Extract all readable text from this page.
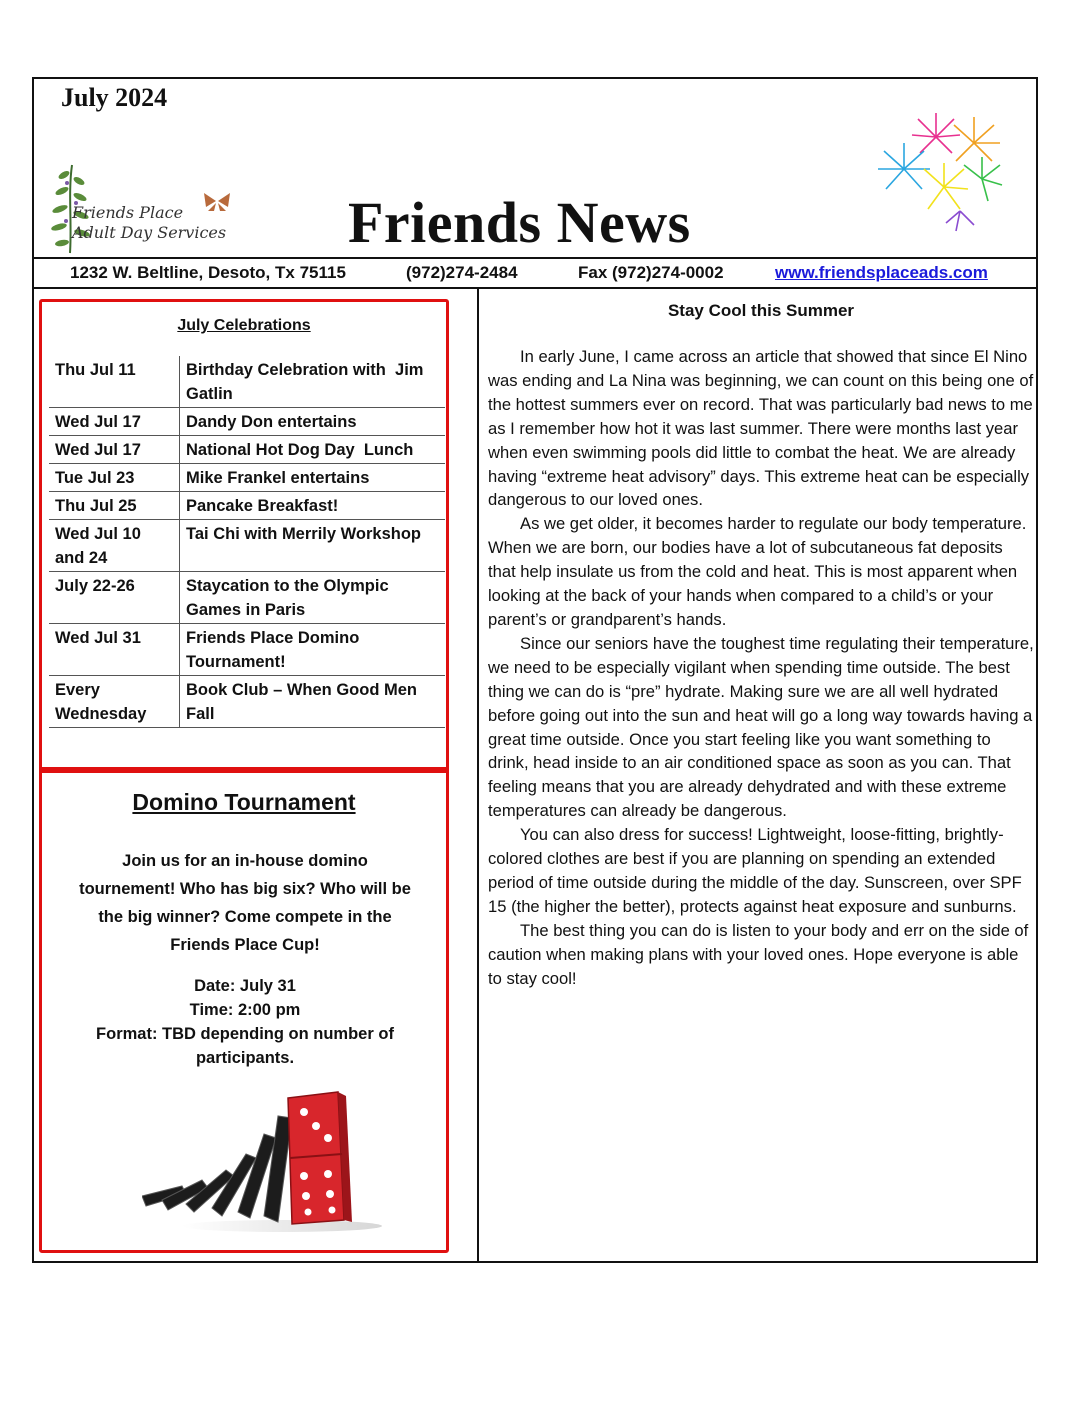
July 2024
Friends Place
Adult Day Services Friends News
1232 W. Beltline, Desoto, Tx 75115	(972)274-2484	Fax (972)274-0002	www.friendsplaceads.com
July Celebrations
Thu Jul 11	Birthday Celebration with  Jim Gatlin
Wed Jul 17	Dandy Don entertains
Wed Jul 17	National Hot Dog Day  Lunch
Tue Jul 23	Mike Frankel entertains
Thu Jul 25	Pancake Breakfast!
Wed Jul 10 and 24	Tai Chi with Merrily Workshop
July 22-26	Staycation to the Olympic Games in Paris
Wed Jul 31	Friends Place Domino Tournament!
Every Wednesday	Book Club – When Good Men Fall
Domino Tournament
Join us for an in-house domino tournement! Who has big six? Who will be the big winner? Come compete in the Friends Place Cup!
Date: July 31
Time: 2:00 pm
Format: TBD depending on number of participants.
Stay Cool this Summer

In early June, I came across an article that showed that since El Nino was ending and La Nina was beginning, we can count on this being one of the hottest summers ever on record. That was particularly bad news to me as I remember how hot it was last summer. There were months last year when even swimming pools did little to combat the heat. We are already having “extreme heat advisory” days. This extreme heat can be especially dangerous to our loved ones.

As we get older, it becomes harder to regulate our body temperature. When we are born, our bodies have a lot of subcutaneous fat deposits that help insulate us from the cold and heat. This is most apparent when looking at the back of your hands when compared to a child’s or your parent’s or grandparent’s hands.

Since our seniors have the toughest time regulating their temperature, we need to be especially vigilant when spending time outside. The best thing we can do is “pre” hydrate. Making sure we are all well hydrated before going out into the sun and heat will go a long way towards having a great time outside. Once you start feeling like you want something to drink, head inside to an air conditioned space as soon as you can. That feeling means that you are already dehydrated and with these extreme temperatures can already be dangerous.

You can also dress for success! Lightweight, loose-fitting, brightly-colored clothes are best if you are planning on spending an extended period of time outside during the middle of the day. Sunscreen, over SPF 15 (the higher the better), protects against heat exposure and sunburns.

The best thing you can do is listen to your body and err on the side of caution when making plans with your loved ones. Hope everyone is able to stay cool!
